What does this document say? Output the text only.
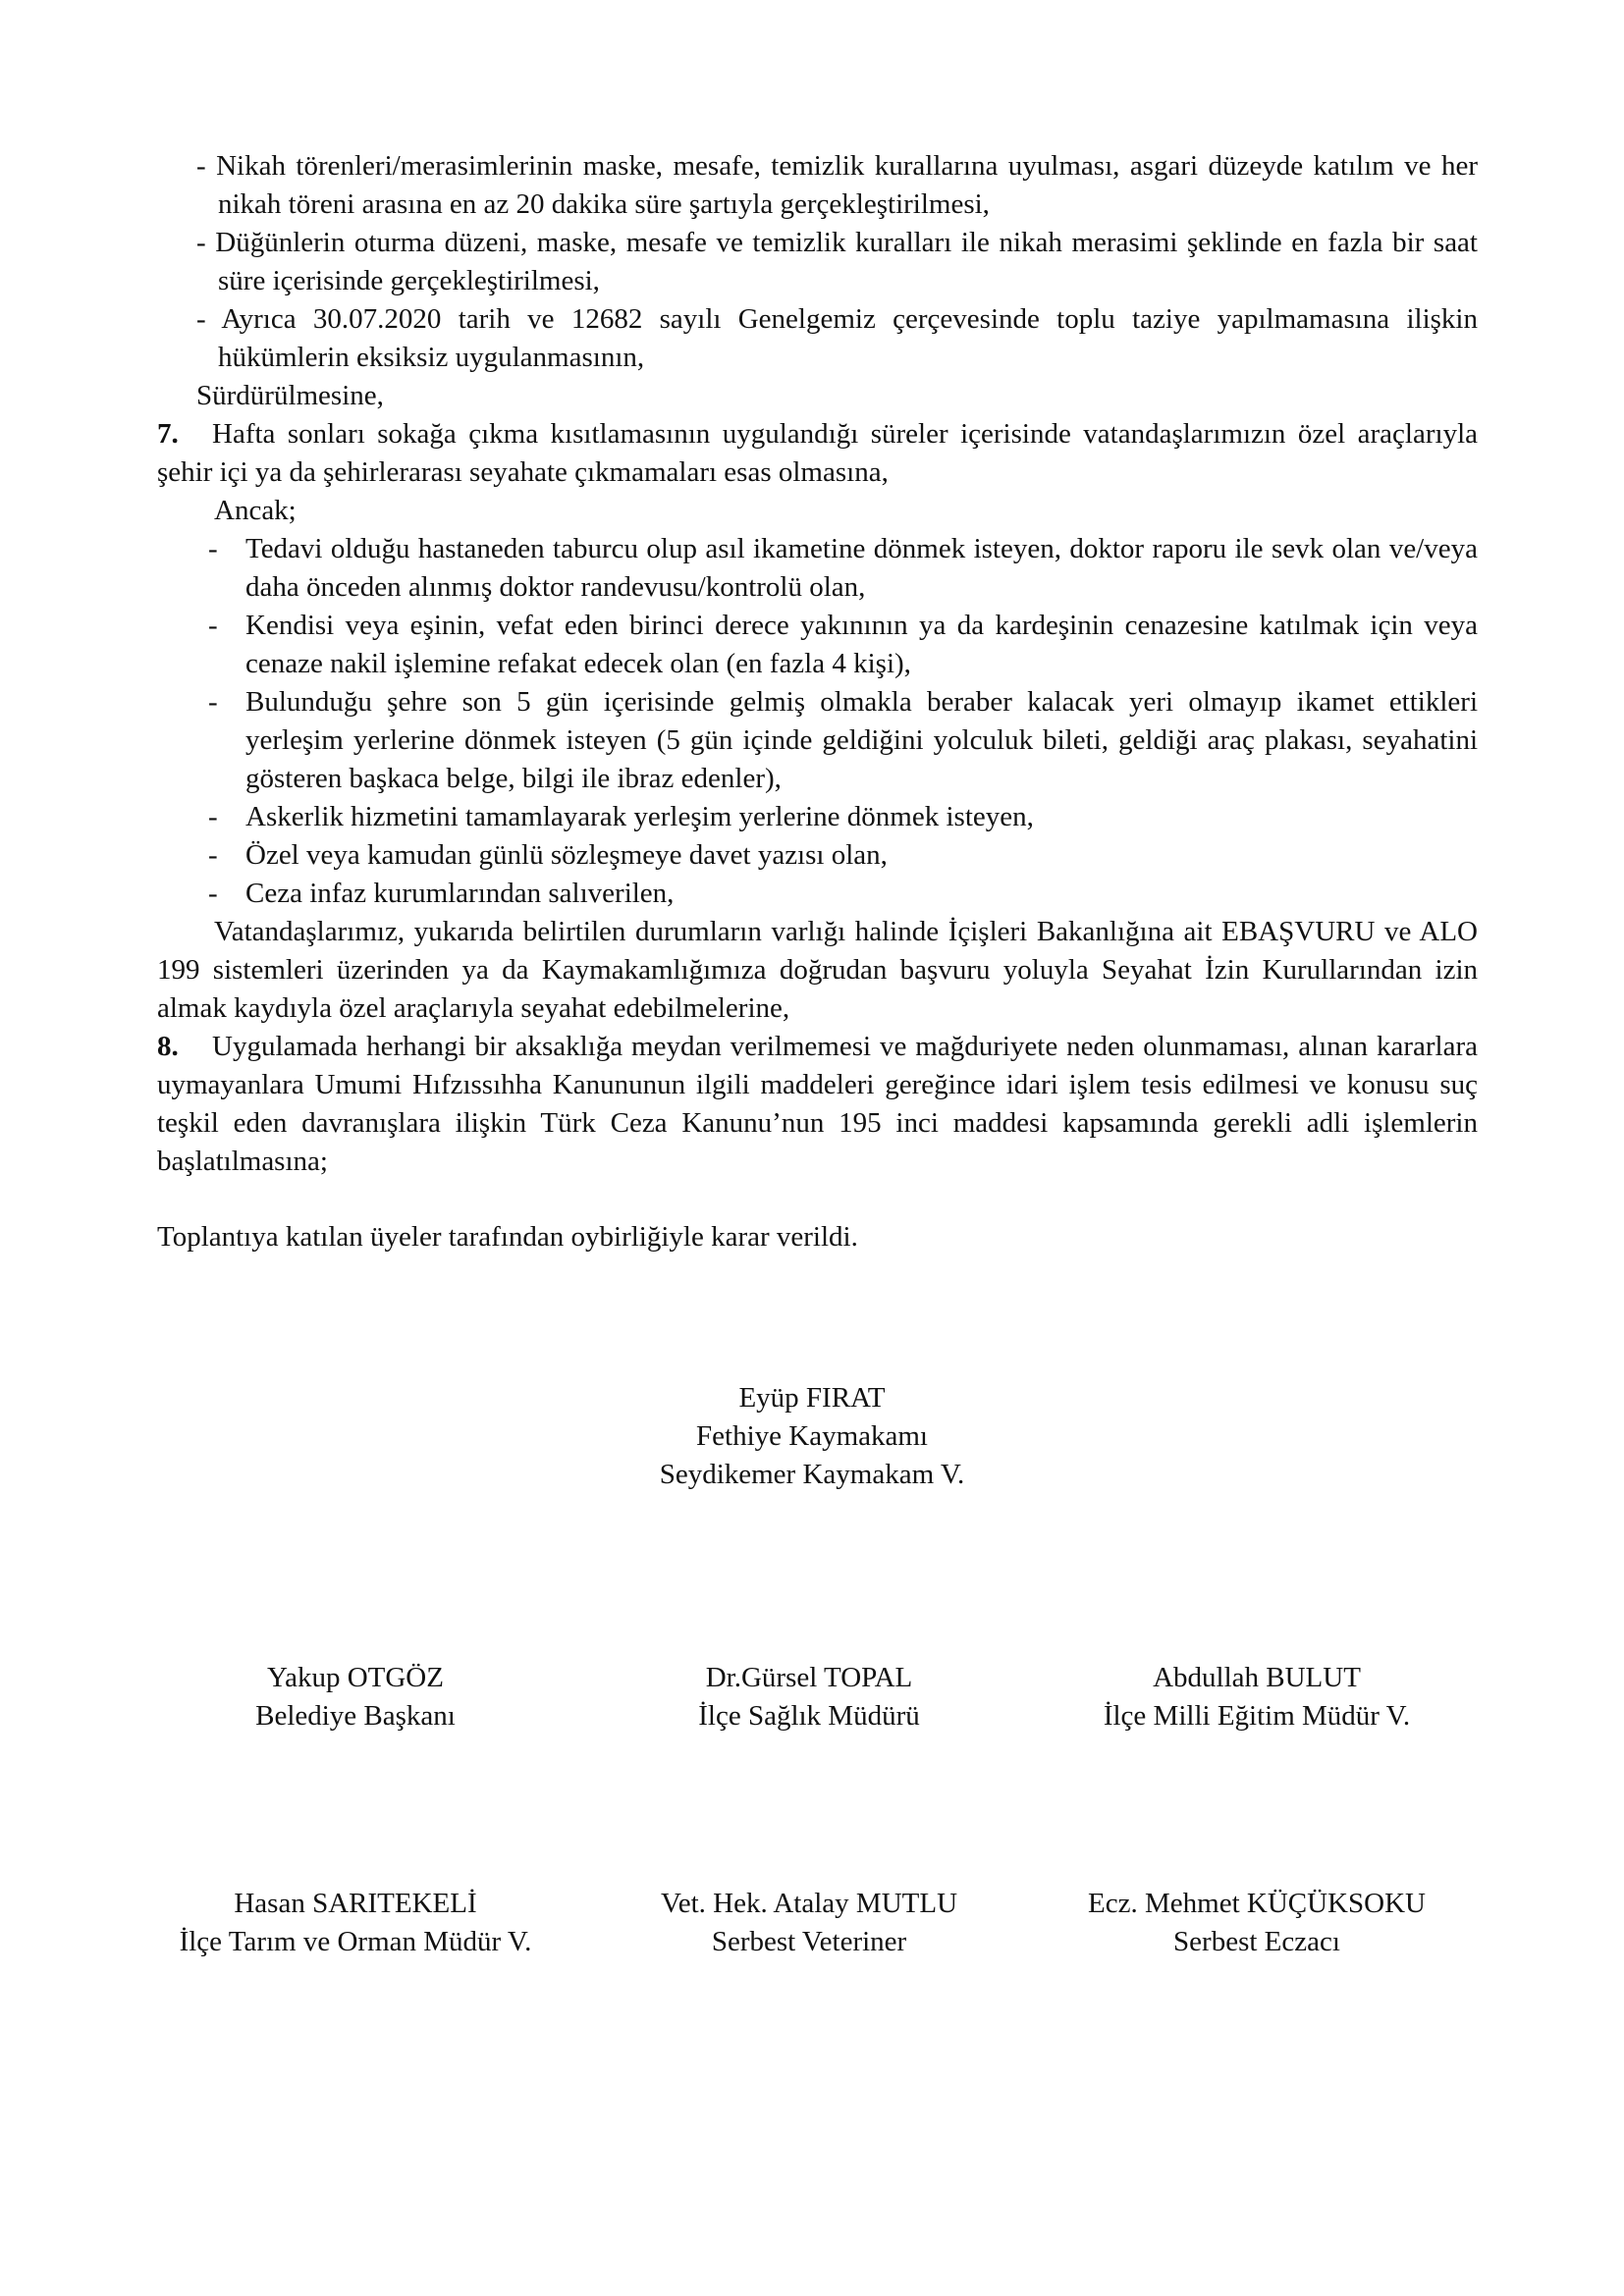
- Nikah törenleri/merasimlerinin maske, mesafe, temizlik kurallarına uyulması, asgari düzeyde katılım ve her nikah töreni arasına en az 20 dakika süre şartıyla gerçekleştirilmesi,
- Düğünlerin oturma düzeni, maske, mesafe ve temizlik kuralları ile nikah merasimi şeklinde en fazla bir saat süre içerisinde gerçekleştirilmesi,
- Ayrıca 30.07.2020 tarih ve 12682 sayılı Genelgemiz çerçevesinde toplu taziye yapılmamasına ilişkin hükümlerin eksiksiz uygulanmasının,
Sürdürülmesine,
7. Hafta sonları sokağa çıkma kısıtlamasının uygulandığı süreler içerisinde vatandaşlarımızın özel araçlarıyla şehir içi ya da şehirlerarası seyahate çıkmamaları esas olmasına,
Ancak;
- Tedavi olduğu hastaneden taburcu olup asıl ikametine dönmek isteyen, doktor raporu ile sevk olan ve/veya daha önceden alınmış doktor randevusu/kontrolü olan,
- Kendisi veya eşinin, vefat eden birinci derece yakınının ya da kardeşinin cenazesine katılmak için veya cenaze nakil işlemine refakat edecek olan (en fazla 4 kişi),
- Bulunduğu şehre son 5 gün içerisinde gelmiş olmakla beraber kalacak yeri olmayıp ikamet ettikleri yerleşim yerlerine dönmek isteyen (5 gün içinde geldiğini yolculuk bileti, geldiği araç plakası, seyahatini gösteren başkaca belge, bilgi ile ibraz edenler),
- Askerlik hizmetini tamamlayarak yerleşim yerlerine dönmek isteyen,
- Özel veya kamudan günlü sözleşmeye davet yazısı olan,
- Ceza infaz kurumlarından salıverilen,
Vatandaşlarımız, yukarıda belirtilen durumların varlığı halinde İçişleri Bakanlığına ait EBAŞVURU ve ALO 199 sistemleri üzerinden ya da Kaymakamlığımıza doğrudan başvuru yoluyla Seyahat İzin Kurullarından izin almak kaydıyla özel araçlarıyla seyahat edebilmelerine,
8. Uygulamada herhangi bir aksaklığa meydan verilmemesi ve mağduriyete neden olunmaması, alınan kararlara uymayanlara Umumi Hıfzıssıhha Kanununun ilgili maddeleri gereğince idari işlem tesis edilmesi ve konusu suç teşkil eden davranışlara ilişkin Türk Ceza Kanunu’nun 195 inci maddesi kapsamında gerekli adli işlemlerin başlatılmasına;
Toplantıya katılan üyeler tarafından oybirliğiyle karar verildi.
Eyüp FIRAT
Fethiye Kaymakamı
Seydikemer Kaymakam V.
Yakup OTGÖZ
Belediye Başkanı
Dr.Gürsel TOPAL
İlçe Sağlık Müdürü
Abdullah BULUT
İlçe Milli Eğitim Müdür V.
Hasan SARITEKELİ
İlçe Tarım ve Orman Müdür V.
Vet. Hek. Atalay MUTLU
Serbest Veteriner
Ecz. Mehmet KÜÇÜKSOKU
Serbest Eczacı
